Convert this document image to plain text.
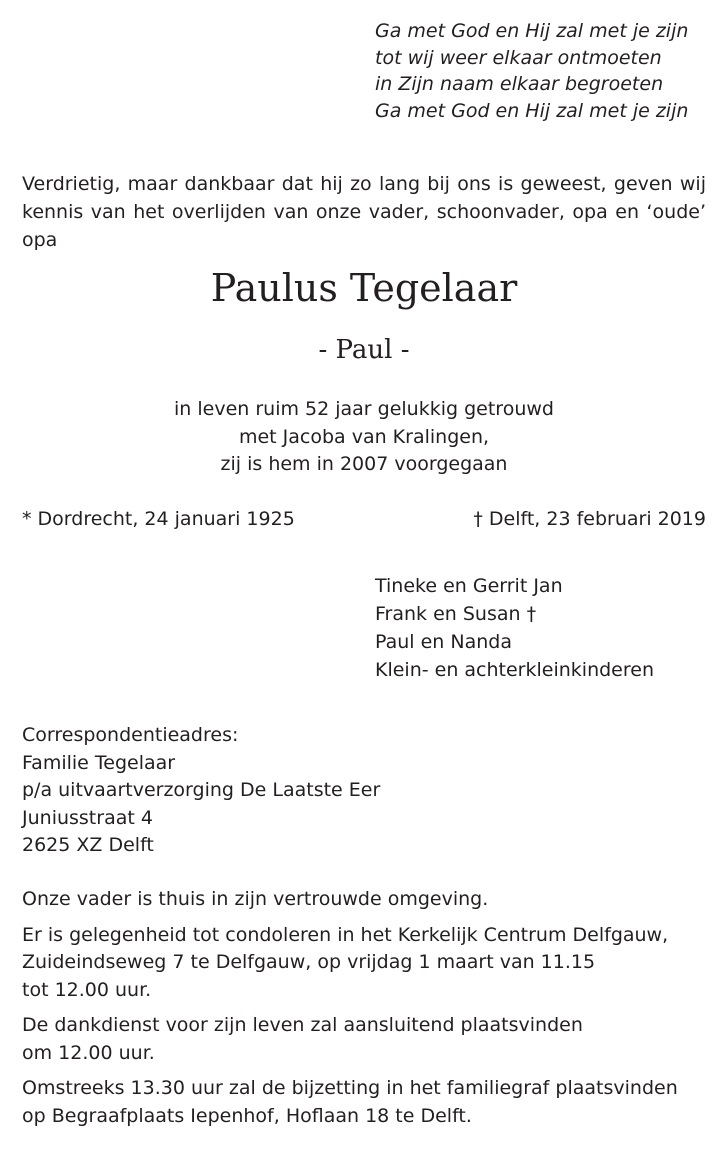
Ga met God en Hij zal met je zijn
tot wij weer elkaar ontmoeten
in Zijn naam elkaar begroeten
Ga met God en Hij zal met je zijn
Verdrietig, maar dankbaar dat hij zo lang bij ons is geweest, geven wij kennis van het overlijden van onze vader, schoonvader, opa en ‘oude’ opa
Paulus Tegelaar
- Paul -
in leven ruim 52 jaar gelukkig getrouwd
met Jacoba van Kralingen,
zij is hem in 2007 voorgegaan
* Dordrecht, 24 januari 1925	† Delft, 23 februari 2019
Tineke en Gerrit Jan
Frank en Susan †
Paul en Nanda
Klein- en achterkleinkinderen
Correspondentieadres:
Familie Tegelaar
p/a uitvaartverzorging De Laatste Eer
Juniusstraat 4
2625 XZ Delft
Onze vader is thuis in zijn vertrouwde omgeving.
Er is gelegenheid tot condoleren in het Kerkelijk Centrum Delfgauw,
Zuideindseweg 7 te Delfgauw, op vrijdag 1 maart van 11.15
tot 12.00 uur.
De dankdienst voor zijn leven zal aansluitend plaatsvinden
om 12.00 uur.
Omstreeks 13.30 uur zal de bijzetting in het familiegraf plaatsvinden
op Begraafplaats Iepenhof, Hoflaan 18 te Delft.
